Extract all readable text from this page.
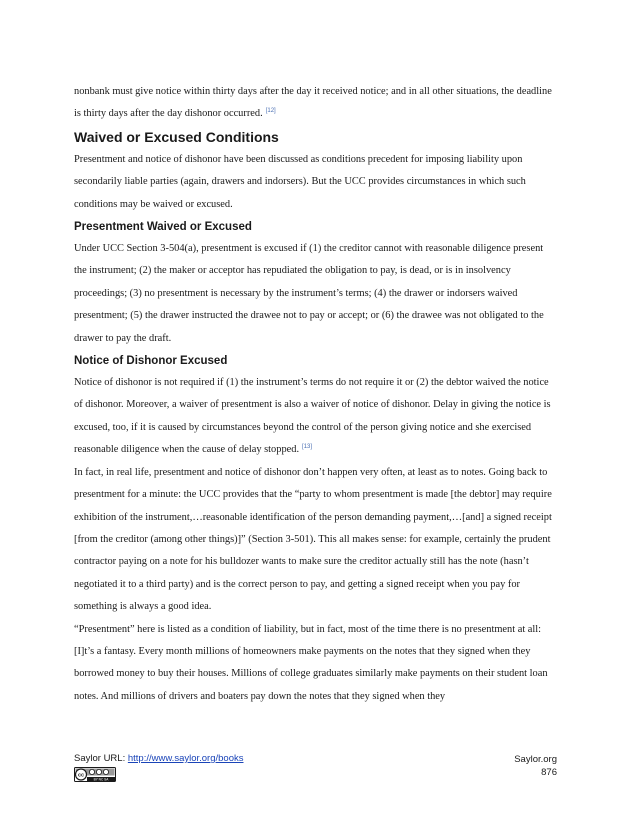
nonbank must give notice within thirty days after the day it received notice; and in all other situations, the deadline is thirty days after the day dishonor occurred. [12]

Waived or Excused Conditions

Presentment and notice of dishonor have been discussed as conditions precedent for imposing liability upon secondarily liable parties (again, drawers and indorsers). But the UCC provides circumstances in which such conditions may be waived or excused.

Presentment Waived or Excused

Under UCC Section 3-504(a), presentment is excused if (1) the creditor cannot with reasonable diligence present the instrument; (2) the maker or acceptor has repudiated the obligation to pay, is dead, or is in insolvency proceedings; (3) no presentment is necessary by the instrument’s terms; (4) the drawer or indorsers waived presentment; (5) the drawer instructed the drawee not to pay or accept; or (6) the drawee was not obligated to the drawer to pay the draft.

Notice of Dishonor Excused

Notice of dishonor is not required if (1) the instrument’s terms do not require it or (2) the debtor waived the notice of dishonor. Moreover, a waiver of presentment is also a waiver of notice of dishonor. Delay in giving the notice is excused, too, if it is caused by circumstances beyond the control of the person giving notice and she exercised reasonable diligence when the cause of delay stopped. [13]

In fact, in real life, presentment and notice of dishonor don’t happen very often, at least as to notes. Going back to presentment for a minute: the UCC provides that the “party to whom presentment is made [the debtor] may require exhibition of the instrument,…reasonable identification of the person demanding payment,…[and] a signed receipt [from the creditor (among other things)]” (Section 3-501). This all makes sense: for example, certainly the prudent contractor paying on a note for his bulldozer wants to make sure the creditor actually still has the note (hasn’t negotiated it to a third party) and is the correct person to pay, and getting a signed receipt when you pay for something is always a good idea.

“Presentment” here is listed as a condition of liability, but in fact, most of the time there is no presentment at all:

[I]t’s a fantasy. Every month millions of homeowners make payments on the notes that they signed when they borrowed money to buy their houses. Millions of college graduates similarly make payments on their student loan notes. And millions of drivers and boaters pay down the notes that they signed when they

Saylor URL: http://www.saylor.org/books
cc
BY NC SA
Saylor.org
876
